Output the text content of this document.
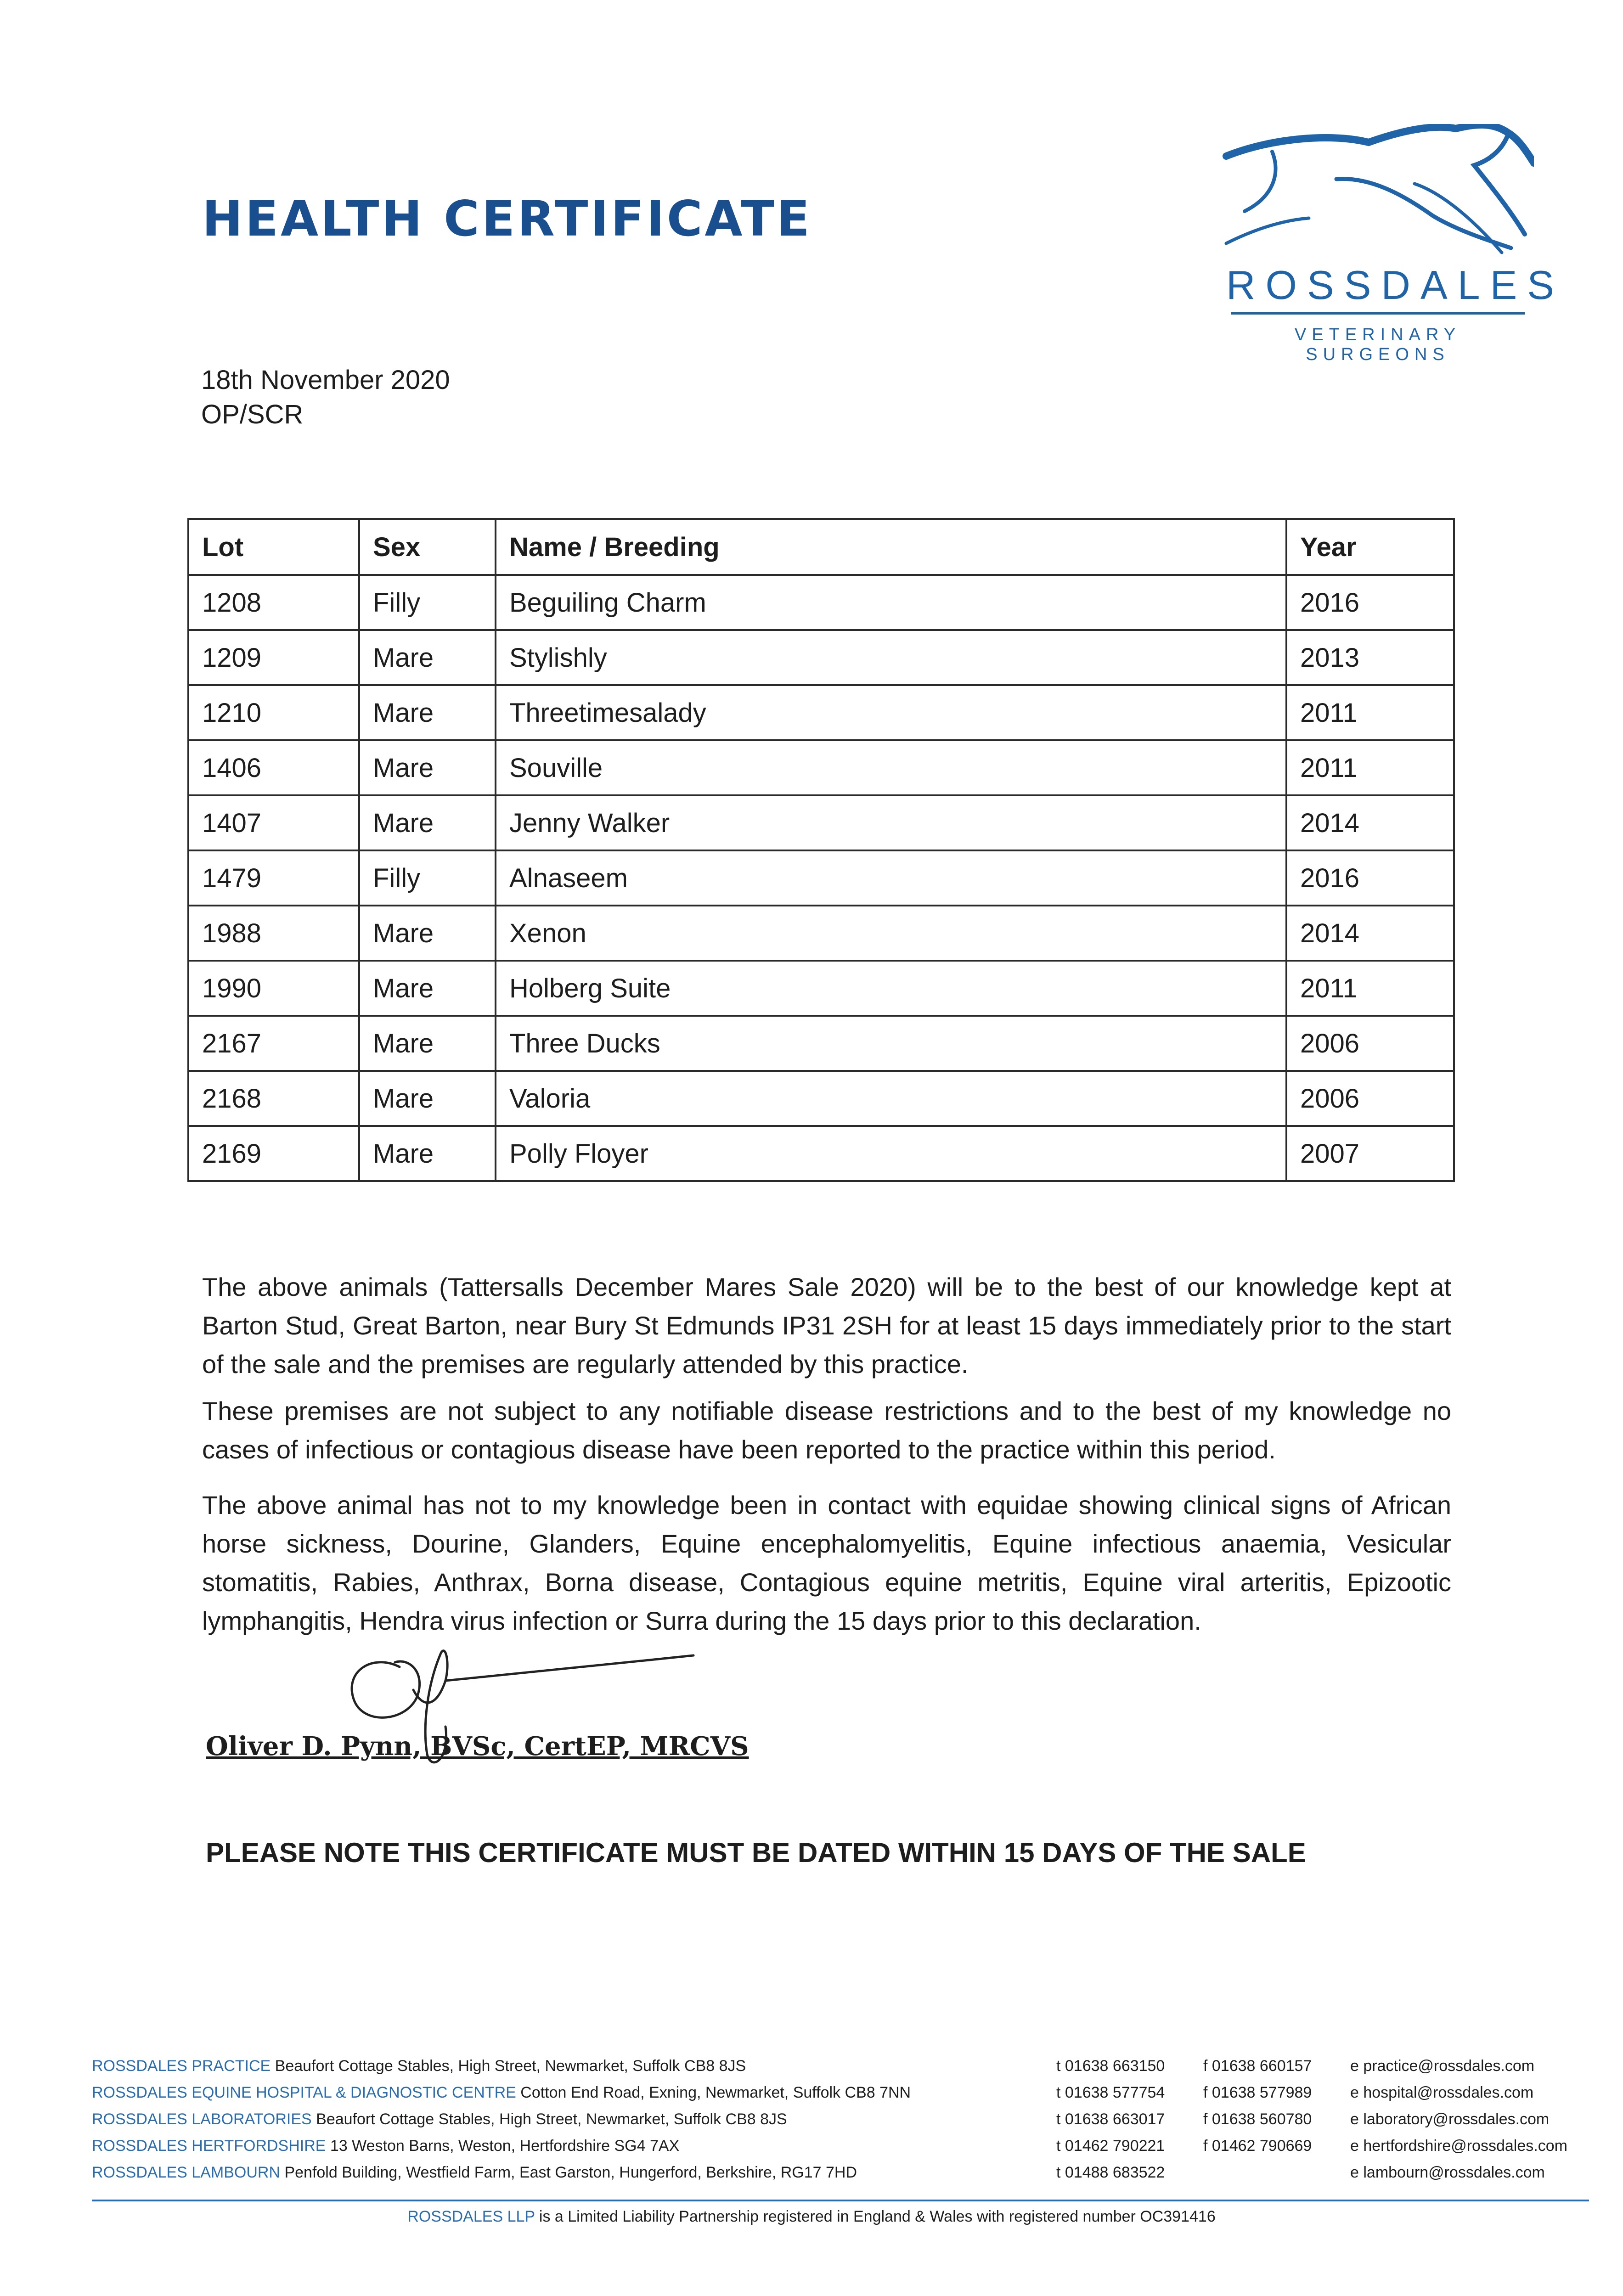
HEALTH CERTIFICATE
ROSSDALES
VETERINARY SURGEONS
18th November 2020
OP/SCR
Lot	Sex	Name / Breeding	Year
1208	Filly	Beguiling Charm	2016
1209	Mare	Stylishly	2013
1210	Mare	Threetimesalady	2011
1406	Mare	Souville	2011
1407	Mare	Jenny Walker	2014
1479	Filly	Alnaseem	2016
1988	Mare	Xenon	2014
1990	Mare	Holberg Suite	2011
2167	Mare	Three Ducks	2006
2168	Mare	Valoria	2006
2169	Mare	Polly Floyer	2007

The above animals (Tattersalls December Mares Sale 2020) will be to the best of our knowledge kept at Barton Stud, Great Barton, near Bury St Edmunds IP31 2SH for at least 15 days immediately prior to the start of the sale and the premises are regularly attended by this practice.

These premises are not subject to any notifiable disease restrictions and to the best of my knowledge no cases of infectious or contagious disease have been reported to the practice within this period.

The above animal has not to my knowledge been in contact with equidae showing clinical signs of African horse sickness, Dourine, Glanders, Equine encephalomyelitis, Equine infectious anaemia, Vesicular stomatitis, Rabies, Anthrax, Borna disease, Contagious equine metritis, Equine viral arteritis, Epizootic lymphangitis, Hendra virus infection or Surra during the 15 days prior to this declaration.

Oliver D. Pynn, BVSc, CertEP, MRCVS
PLEASE NOTE THIS CERTIFICATE MUST BE DATED WITHIN 15 DAYS OF THE SALE
ROSSDALES PRACTICE Beaufort Cottage Stables, High Street, Newmarket, Suffolk CB8 8JS	t 01638 663150 f 01638 660157 e practice@rossdales.com
ROSSDALES EQUINE HOSPITAL & DIAGNOSTIC CENTRE Cotton End Road, Exning, Newmarket, Suffolk CB8 7NN	t 01638 577754 f 01638 577989 e hospital@rossdales.com
ROSSDALES LABORATORIES Beaufort Cottage Stables, High Street, Newmarket, Suffolk CB8 8JS	t 01638 663017 f 01638 560780 e laboratory@rossdales.com
ROSSDALES HERTFORDSHIRE 13 Weston Barns, Weston, Hertfordshire SG4 7AX	t 01462 790221 f 01462 790669 e hertfordshire@rossdales.com
ROSSDALES LAMBOURN Penfold Building, Westfield Farm, East Garston, Hungerford, Berkshire, RG17 7HD	t 01488 683522	e lambourn@rossdales.com
ROSSDALES LLP is a Limited Liability Partnership registered in England & Wales with registered number OC391416
